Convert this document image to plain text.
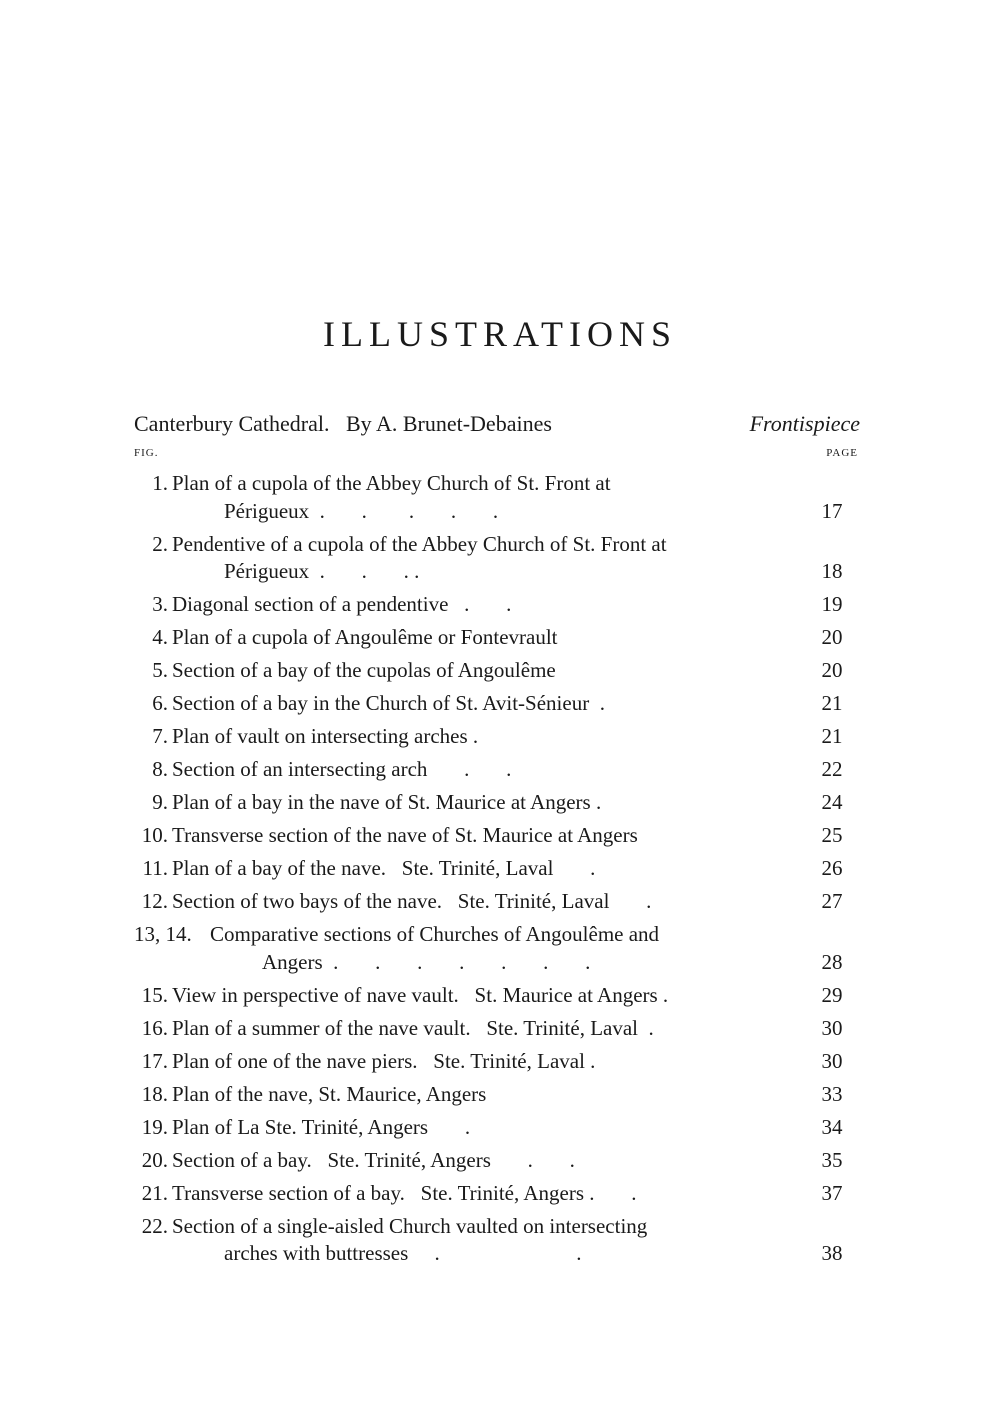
ILLUSTRATIONS
Canterbury Cathedral.   By A. Brunet-Debaines	Frontispiece
FIG.	PAGE
1. Plan of a cupola of the Abbey Church of St. Front at
Périgueux  .       .        .       .       .	17
2. Pendentive of a cupola of the Abbey Church of St. Front at
Périgueux  .       .       . .	18
3. Diagonal section of a pendentive   .       .	19
4. Plan of a cupola of Angoulême or Fontevrault	20
5. Section of a bay of the cupolas of Angoulême	20
6. Section of a bay in the Church of St. Avit-Sénieur  .	21
7. Plan of vault on intersecting arches .	21
8. Section of an intersecting arch       .       .	22
9. Plan of a bay in the nave of St. Maurice at Angers .	24
10. Transverse section of the nave of St. Maurice at Angers	25
11. Plan of a bay of the nave.   Ste. Trinité, Laval       .	26
12. Section of two bays of the nave.   Ste. Trinité, Laval       .	27
13, 14. Comparative sections of Churches of Angoulême and
Angers  .       .       .       .       .       .       .	28
15. View in perspective of nave vault.   St. Maurice at Angers .	29
16. Plan of a summer of the nave vault.   Ste. Trinité, Laval  .	30
17. Plan of one of the nave piers.   Ste. Trinité, Laval .	30
18. Plan of the nave, St. Maurice, Angers	33
19. Plan of La Ste. Trinité, Angers       .	34
20. Section of a bay.   Ste. Trinité, Angers       .       .	35
21. Transverse section of a bay.   Ste. Trinité, Angers .       .	37
22. Section of a single-aisled Church vaulted on intersecting
arches with buttresses     .                          .	38
